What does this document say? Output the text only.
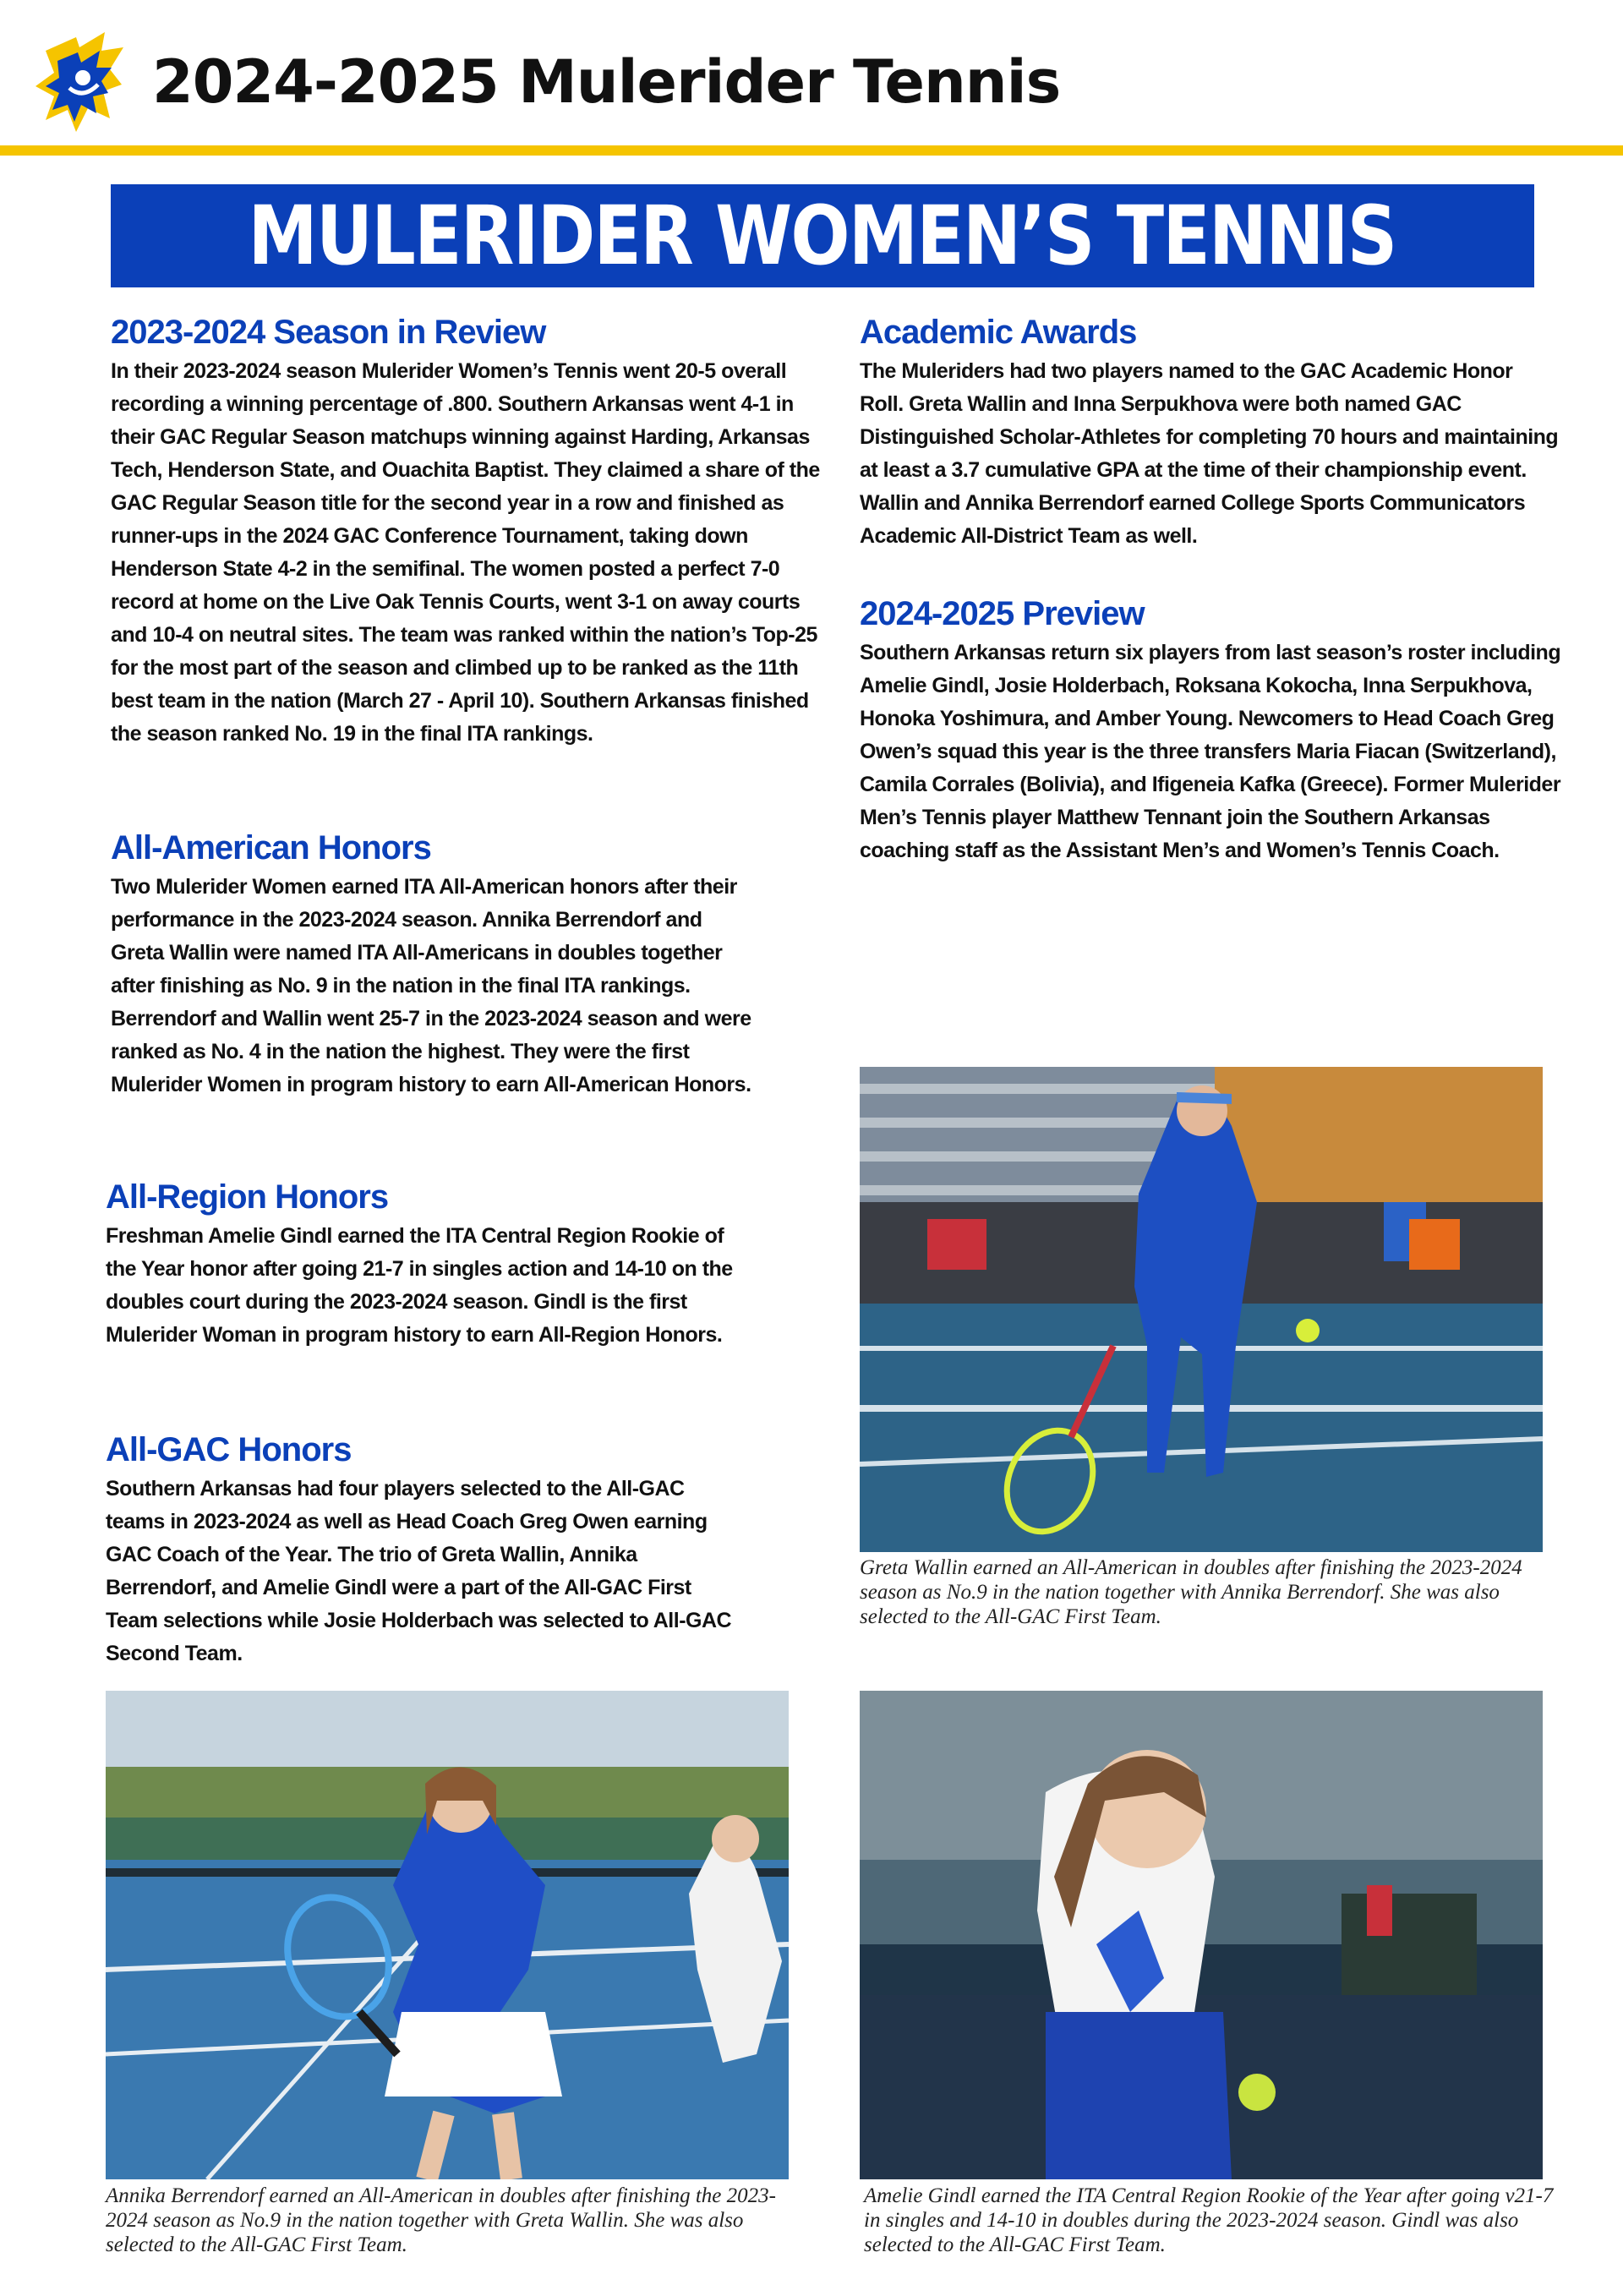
2024-2025 Mulerider Tennis
MULERIDER WOMEN’S TENNIS
2023-2024 Season in Review
In their 2023-2024 season Mulerider Women’s Tennis went 20-5 overall recording a winning percentage of .800. Southern Arkansas went 4-1 in their GAC Regular Season matchups winning against Harding, Arkansas Tech, Henderson State, and Ouachita Baptist. They claimed a share of the GAC Regular Season title for the second year in a row and finished as runner-ups in the 2024 GAC Conference Tournament, taking down Henderson State 4-2 in the semifinal. The women posted a perfect 7-0 record at home on the Live Oak Tennis Courts, went 3-1 on away courts and 10-4 on neutral sites. The team was ranked within the nation’s Top-25 for the most part of the season and climbed up to be ranked as the 11th best team in the nation (March 27 - April 10). Southern Arkansas finished the season ranked No. 19 in the final ITA rankings.
All-American Honors
Two Mulerider Women earned ITA All-American honors after their performance in the 2023-2024 season. Annika Berrendorf and Greta Wallin were named ITA All-Americans in doubles together after finishing as No. 9 in the nation in the final ITA rankings. Berrendorf and Wallin went 25-7 in the 2023-2024 season and were ranked as No. 4 in the nation the highest. They were the first Mulerider Women in program history to earn All-American Honors.
All-Region Honors
Freshman Amelie Gindl earned the ITA Central Region Rookie of the Year honor after going 21-7 in singles action and 14-10 on the doubles court during the 2023-2024 season. Gindl is the first Mulerider Woman in program history to earn All-Region Honors.
All-GAC Honors
Southern Arkansas had four players selected to the All-GAC teams in 2023-2024 as well as Head Coach Greg Owen earning GAC Coach of the Year. The trio of Greta Wallin, Annika Berrendorf, and Amelie Gindl were a part of the All-GAC First Team selections while Josie Holderbach was selected to All-GAC Second Team.
Academic Awards
The Muleriders had two players named to the GAC Academic Honor Roll. Greta Wallin and Inna Serpukhova were both named GAC Distinguished Scholar-Athletes for completing 70 hours and maintaining at least a 3.7 cumulative GPA at the time of their championship event. Wallin and Annika Berrendorf earned College Sports Communicators Academic All-District Team as well.
2024-2025 Preview
Southern Arkansas return six players from last season’s roster including Amelie Gindl, Josie Holderbach, Roksana Kokocha, Inna Serpukhova, Honoka Yoshimura, and Amber Young. Newcomers to Head Coach Greg Owen’s squad this year is the three transfers Maria Fiacan (Switzerland), Camila Corrales (Bolivia), and Ifigeneia Kafka (Greece). Former Mulerider Men’s Tennis player Matthew Tennant join the Southern Arkansas coaching staff as the Assistant Men’s and Women’s Tennis Coach.
Greta Wallin earned an All-American in doubles after finishing the 2023-2024 season as No.9 in the nation together with Annika Berrendorf. She was also selected to the All-GAC First Team.
Annika Berrendorf earned an All-American in doubles after finishing the 2023-2024 season as No.9 in the nation together with Greta Wallin. She was also selected to the All-GAC First Team.
Amelie Gindl earned the ITA Central Region Rookie of the Year after going v21-7 in singles and 14-10 in doubles during the 2023-2024 season. Gindl was also selected to the All-GAC First Team.
